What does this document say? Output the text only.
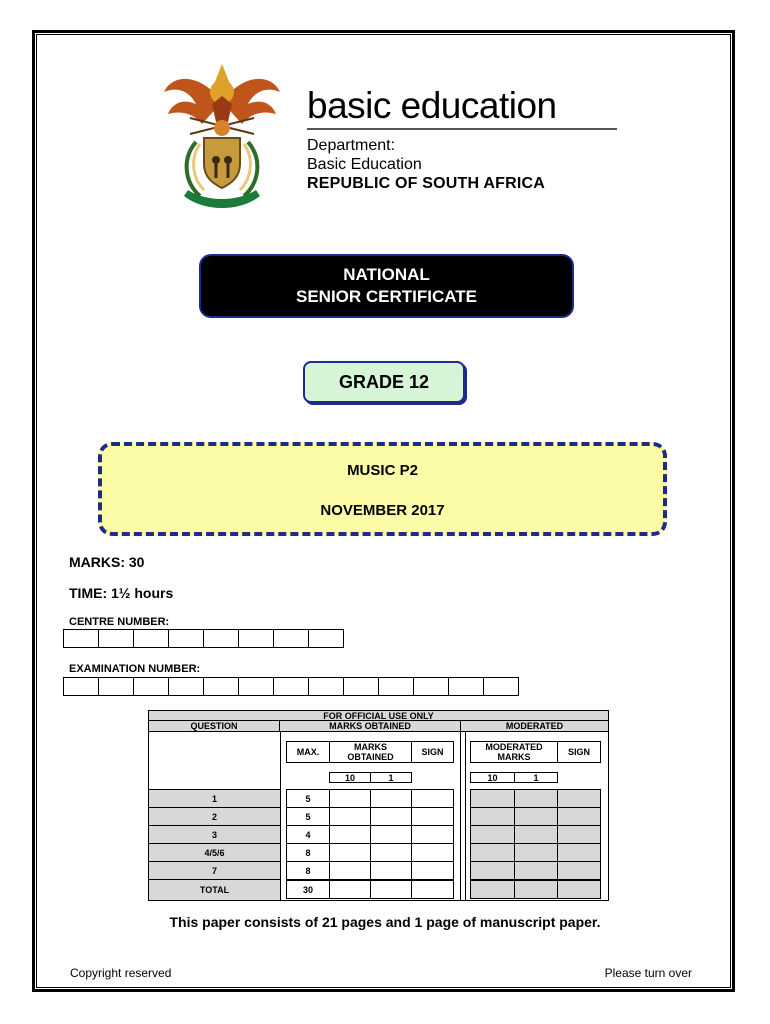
basic education
Department:
Basic Education
REPUBLIC OF SOUTH AFRICA
NATIONAL
SENIOR CERTIFICATE
GRADE 12
MUSIC P2
NOVEMBER 2017
MARKS: 30
TIME: 1½ hours
CENTRE NUMBER:
EXAMINATION NUMBER:
FOR OFFICIAL USE ONLY
QUESTION	MARKS OBTAINED	MODERATED
MAX.	MARKS OBTAINED	SIGN
10	1
MODERATED MARKS	SIGN
10	1
1	5
2	5
3	4
4/5/6	8
7	8
TOTAL	30
This paper consists of 21 pages and 1 page of manuscript paper.
Copyright reserved	Please turn over
